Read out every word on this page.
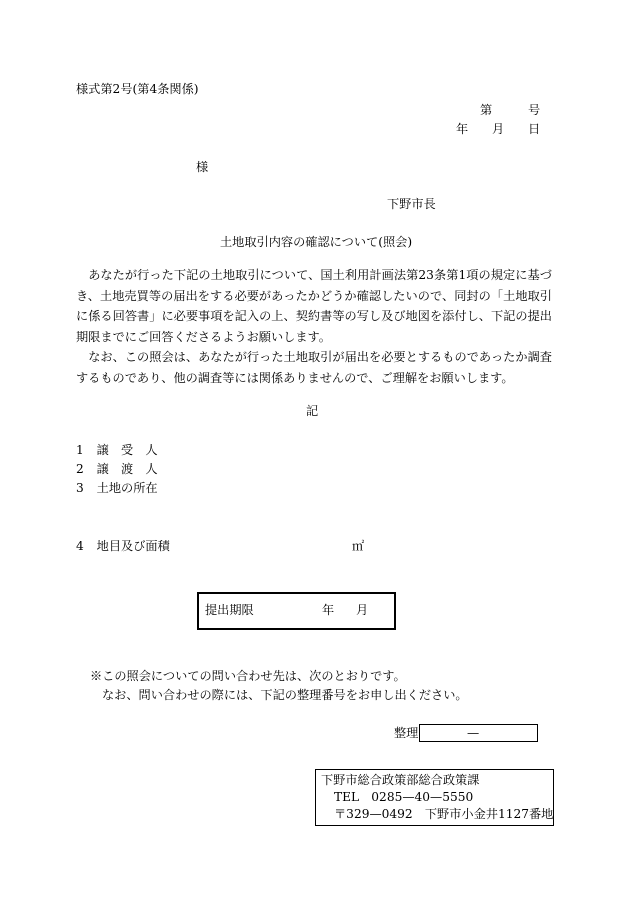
様式第2号(第4条関係)
第	号
年 月 日
様
下野市長
土地取引内容の確認について(照会)
あなたが行った下記の土地取引について、国土利用計画法第23条第1項の規定に基づき、土地売買等の届出をする必要があったかどうか確認したいので、同封の「土地取引に係る回答書」に必要事項を記入の上、契約書等の写し及び地図を添付し、下記の提出期限までにご回答くださるようお願いします。
なお、この照会は、あなたが行った土地取引が届出を必要とするものであったか調査するものであり、他の調査等には関係ありませんので、ご理解をお願いします。
記
1 譲　受　人
2 譲　渡　人
3 土地の所在
4 地目及び面積	㎡
提出期限	年 月
※この照会についての問い合わせ先は、次のとおりです。
なお、問い合わせの際には、下記の整理番号をお申し出ください。
整理	—
下野市総合政策部総合政策課
TEL　0285—40—5550
〒329—0492　下野市小金井1127番地
